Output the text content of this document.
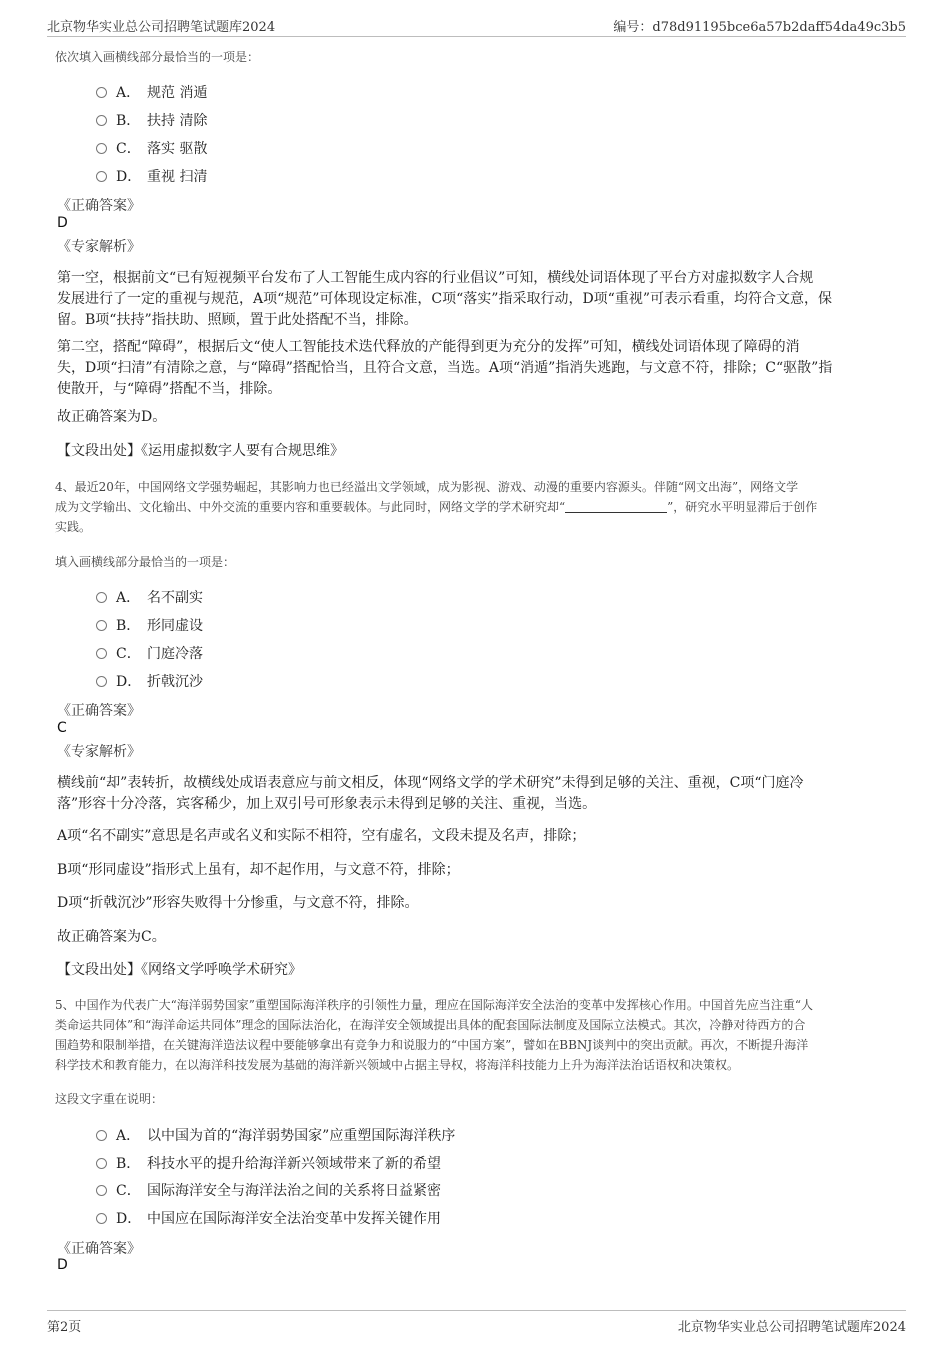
北京物华实业总公司招聘笔试题库2024	编号：d78d91195bce6a57b2daff54da49c3b5
依次填入画横线部分最恰当的一项是：
A． 规范 消遁
B． 扶持 清除
C． 落实 驱散
D． 重视 扫清
《正确答案》
D
《专家解析》
第一空，根据前文“已有短视频平台发布了人工智能生成内容的行业倡议”可知，横线处词语体现了平台方对虚拟数字人合规
发展进行了一定的重视与规范，A项“规范”可体现设定标准，C项“落实”指采取行动，D项“重视”可表示看重，均符合文意，保
留。B项“扶持”指扶助、照顾，置于此处搭配不当，排除。
第二空，搭配“障碍”，根据后文“使人工智能技术迭代释放的产能得到更为充分的发挥”可知，横线处词语体现了障碍的消
失，D项“扫清”有清除之意，与“障碍”搭配恰当，且符合文意，当选。A项“消遁”指消失逃跑，与文意不符，排除；C“驱散”指
使散开，与“障碍”搭配不当，排除。
故正确答案为D。
【文段出处】《运用虚拟数字人要有合规思维》
4、最近20年，中国网络文学强势崛起，其影响力也已经溢出文学领域，成为影视、游戏、动漫的重要内容源头。伴随“网文出海”，网络文学
成为文学输出、文化输出、中外交流的重要内容和重要载体。与此同时，网络文学的学术研究却“	”，研究水平明显滞后于创作
实践。
填入画横线部分最恰当的一项是：
A． 名不副实
B． 形同虚设
C． 门庭冷落
D． 折戟沉沙
《正确答案》
C
《专家解析》
横线前“却”表转折，故横线处成语表意应与前文相反，体现“网络文学的学术研究”未得到足够的关注、重视，C项“门庭冷
落”形容十分冷落，宾客稀少，加上双引号可形象表示未得到足够的关注、重视，当选。
A项“名不副实”意思是名声或名义和实际不相符，空有虚名，文段未提及名声，排除；
B项“形同虚设”指形式上虽有，却不起作用，与文意不符，排除；
D项“折戟沉沙”形容失败得十分惨重，与文意不符，排除。
故正确答案为C。
【文段出处】《网络文学呼唤学术研究》
5、中国作为代表广大“海洋弱势国家”重塑国际海洋秩序的引领性力量，理应在国际海洋安全法治的变革中发挥核心作用。中国首先应当注重“人
类命运共同体”和“海洋命运共同体”理念的国际法治化，在海洋安全领域提出具体的配套国际法制度及国际立法模式。其次，冷静对待西方的合
围趋势和限制举措，在关键海洋造法议程中要能够拿出有竞争力和说服力的“中国方案”，譬如在BBNJ谈判中的突出贡献。再次，不断提升海洋
科学技术和教育能力，在以海洋科技发展为基础的海洋新兴领域中占据主导权，将海洋科技能力上升为海洋法治话语权和决策权。
这段文字重在说明：
A． 以中国为首的“海洋弱势国家”应重塑国际海洋秩序
B． 科技水平的提升给海洋新兴领域带来了新的希望
C． 国际海洋安全与海洋法治之间的关系将日益紧密
D． 中国应在国际海洋安全法治变革中发挥关键作用
《正确答案》
D
第2页	北京物华实业总公司招聘笔试题库2024
